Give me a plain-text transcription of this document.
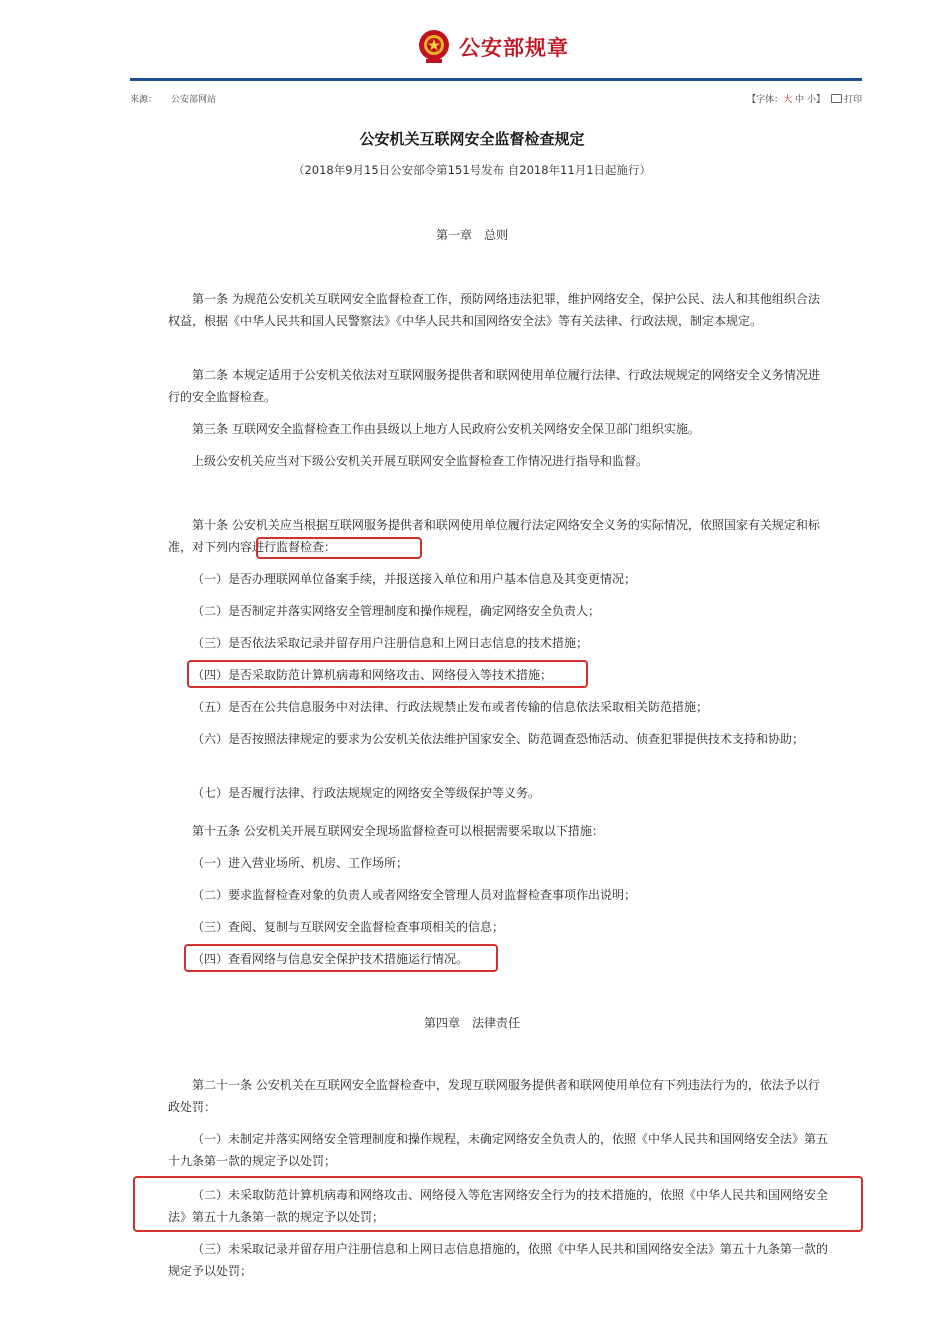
公安部规章
来源： 公安部网站	【字体：大 中 小】 打印
公安机关互联网安全监督检查规定
（2018年9月15日公安部令第151号发布 自2018年11月1日起施行）
第一章　总则

第一条 为规范公安机关互联网安全监督检查工作，预防网络违法犯罪，维护网络安全，保护公民、法人和其他组织合法权益，根据《中华人民共和国人民警察法》《中华人民共和国网络安全法》等有关法律、行政法规，制定本规定。

第二条 本规定适用于公安机关依法对互联网服务提供者和联网使用单位履行法律、行政法规规定的网络安全义务情况进行的安全监督检查。

第三条 互联网安全监督检查工作由县级以上地方人民政府公安机关网络安全保卫部门组织实施。

上级公安机关应当对下级公安机关开展互联网安全监督检查工作情况进行指导和监督。

第十条 公安机关应当根据互联网服务提供者和联网使用单位履行法定网络安全义务的实际情况，依照国家有关规定和标准，对下列内容进行监督检查：

（一）是否办理联网单位备案手续，并报送接入单位和用户基本信息及其变更情况；

（二）是否制定并落实网络安全管理制度和操作规程，确定网络安全负责人；

（三）是否依法采取记录并留存用户注册信息和上网日志信息的技术措施；

（四）是否采取防范计算机病毒和网络攻击、网络侵入等技术措施；

（五）是否在公共信息服务中对法律、行政法规禁止发布或者传输的信息依法采取相关防范措施；

（六）是否按照法律规定的要求为公安机关依法维护国家安全、防范调查恐怖活动、侦查犯罪提供技术支持和协助；

（七）是否履行法律、行政法规规定的网络安全等级保护等义务。

第十五条 公安机关开展互联网安全现场监督检查可以根据需要采取以下措施：

（一）进入营业场所、机房、工作场所；

（二）要求监督检查对象的负责人或者网络安全管理人员对监督检查事项作出说明；

（三）查阅、复制与互联网安全监督检查事项相关的信息；

（四）查看网络与信息安全保护技术措施运行情况。

第四章　法律责任

第二十一条 公安机关在互联网安全监督检查中，发现互联网服务提供者和联网使用单位有下列违法行为的，依法予以行政处罚：

（一）未制定并落实网络安全管理制度和操作规程，未确定网络安全负责人的，依照《中华人民共和国网络安全法》第五十九条第一款的规定予以处罚；

（二）未采取防范计算机病毒和网络攻击、网络侵入等危害网络安全行为的技术措施的，依照《中华人民共和国网络安全法》第五十九条第一款的规定予以处罚；

（三）未采取记录并留存用户注册信息和上网日志信息措施的，依照《中华人民共和国网络安全法》第五十九条第一款的规定予以处罚；
